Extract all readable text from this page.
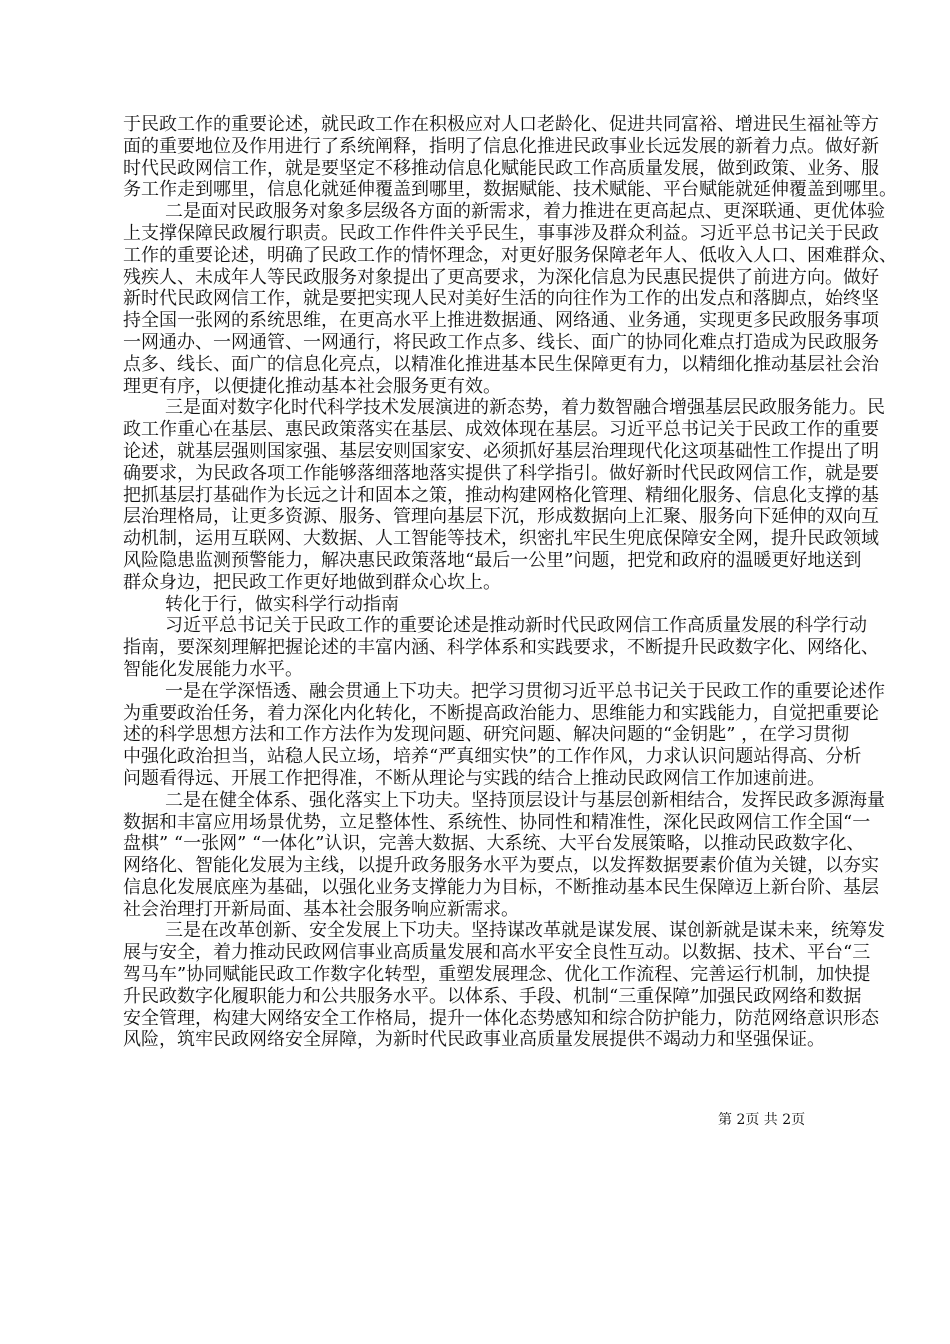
于民政工作的重要论述，就民政工作在积极应对人口老龄化、促进共同富裕、增进民生福祉等方
面的重要地位及作用进行了系统阐释，指明了信息化推进民政事业长远发展的新着力点。做好新
时代民政网信工作，就是要坚定不移推动信息化赋能民政工作高质量发展，做到政策、业务、服
务工作走到哪里，信息化就延伸覆盖到哪里，数据赋能、技术赋能、平台赋能就延伸覆盖到哪里。
二是面对民政服务对象多层级各方面的新需求，着力推进在更高起点、更深联通、更优体验
上支撑保障民政履行职责。民政工作件件关乎民生，事事涉及群众利益。习近平总书记关于民政
工作的重要论述，明确了民政工作的情怀理念，对更好服务保障老年人、低收入人口、困难群众、
残疾人、未成年人等民政服务对象提出了更高要求，为深化信息为民惠民提供了前进方向。做好
新时代民政网信工作，就是要把实现人民对美好生活的向往作为工作的出发点和落脚点，始终坚
持全国一张网的系统思维，在更高水平上推进数据通、网络通、业务通，实现更多民政服务事项
一网通办、一网通管、一网通行，将民政工作点多、线长、面广的协同化难点打造成为民政服务
点多、线长、面广的信息化亮点，以精准化推进基本民生保障更有力，以精细化推动基层社会治
理更有序，以便捷化推动基本社会服务更有效。
三是面对数字化时代科学技术发展演进的新态势，着力数智融合增强基层民政服务能力。民
政工作重心在基层、惠民政策落实在基层、成效体现在基层。习近平总书记关于民政工作的重要
论述，就基层强则国家强、基层安则国家安、必须抓好基层治理现代化这项基础性工作提出了明
确要求，为民政各项工作能够落细落地落实提供了科学指引。做好新时代民政网信工作，就是要
把抓基层打基础作为长远之计和固本之策，推动构建网格化管理、精细化服务、信息化支撑的基
层治理格局，让更多资源、服务、管理向基层下沉，形成数据向上汇聚、服务向下延伸的双向互
动机制，运用互联网、大数据、人工智能等技术，织密扎牢民生兜底保障安全网，提升民政领域
风险隐患监测预警能力，解决惠民政策落地“最后一公里”问题，把党和政府的温暖更好地送到
群众身边，把民政工作更好地做到群众心坎上。
转化于行，做实科学行动指南
习近平总书记关于民政工作的重要论述是推动新时代民政网信工作高质量发展的科学行动
指南，要深刻理解把握论述的丰富内涵、科学体系和实践要求，不断提升民政数字化、网络化、
智能化发展能力水平。
一是在学深悟透、融会贯通上下功夫。把学习贯彻习近平总书记关于民政工作的重要论述作
为重要政治任务，着力深化内化转化，不断提高政治能力、思维能力和实践能力，自觉把重要论
述的科学思想方法和工作方法作为发现问题、研究问题、解决问题的“金钥匙” ，在学习贯彻
中强化政治担当，站稳人民立场，培养“严真细实快”的工作作风，力求认识问题站得高、分析
问题看得远、开展工作把得准，不断从理论与实践的结合上推动民政网信工作加速前进。
二是在健全体系、强化落实上下功夫。坚持顶层设计与基层创新相结合，发挥民政多源海量
数据和丰富应用场景优势，立足整体性、系统性、协同性和精准性，深化民政网信工作全国“一
盘棋” “一张网” “一体化”认识，完善大数据、大系统、大平台发展策略，以推动民政数字化、
网络化、智能化发展为主线，以提升政务服务水平为要点，以发挥数据要素价值为关键，以夯实
信息化发展底座为基础，以强化业务支撑能力为目标，不断推动基本民生保障迈上新台阶、基层
社会治理打开新局面、基本社会服务响应新需求。
三是在改革创新、安全发展上下功夫。坚持谋改革就是谋发展、谋创新就是谋未来，统筹发
展与安全，着力推动民政网信事业高质量发展和高水平安全良性互动。以数据、技术、平台“三
驾马车”协同赋能民政工作数字化转型，重塑发展理念、优化工作流程、完善运行机制，加快提
升民政数字化履职能力和公共服务水平。以体系、手段、机制“三重保障”加强民政网络和数据
安全管理，构建大网络安全工作格局，提升一体化态势感知和综合防护能力，防范网络意识形态
风险，筑牢民政网络安全屏障，为新时代民政事业高质量发展提供不竭动力和坚强保证。
第 2页 共 2页
